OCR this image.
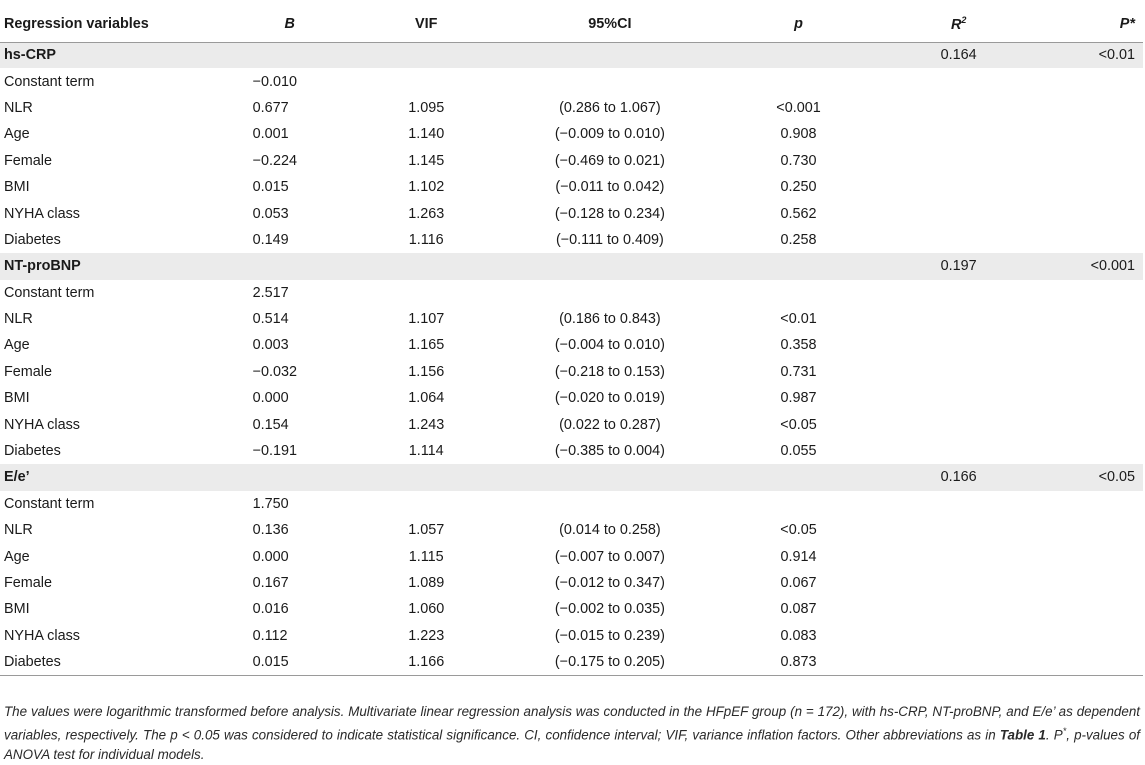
Regression variables	B	VIF	95%CI	p	$R^2$	P*
hs-CRP					0.164	<0.01
Constant term	−0.010					
NLR	0.677	1.095	(0.286 to 1.067)	<0.001		
Age	0.001	1.140	(−0.009 to 0.010)	0.908		
Female	−0.224	1.145	(−0.469 to 0.021)	0.730		
BMI	0.015	1.102	(−0.011 to 0.042)	0.250		
NYHA class	0.053	1.263	(−0.128 to 0.234)	0.562		
Diabetes	0.149	1.116	(−0.111 to 0.409)	0.258		
NT-proBNP					0.197	<0.001
Constant term	2.517					
NLR	0.514	1.107	(0.186 to 0.843)	<0.01		
Age	0.003	1.165	(−0.004 to 0.010)	0.358		
Female	−0.032	1.156	(−0.218 to 0.153)	0.731		
BMI	0.000	1.064	(−0.020 to 0.019)	0.987		
NYHA class	0.154	1.243	(0.022 to 0.287)	<0.05		
Diabetes	−0.191	1.114	(−0.385 to 0.004)	0.055		
E/e’					0.166	<0.05
Constant term	1.750					
NLR	0.136	1.057	(0.014 to 0.258)	<0.05		
Age	0.000	1.115	(−0.007 to 0.007)	0.914		
Female	0.167	1.089	(−0.012 to 0.347)	0.067		
BMI	0.016	1.060	(−0.002 to 0.035)	0.087		
NYHA class	0.112	1.223	(−0.015 to 0.239)	0.083		
Diabetes	0.015	1.166	(−0.175 to 0.205)	0.873		

The values were logarithmic transformed before analysis. Multivariate linear regression analysis was conducted in the HFpEF group (n = 172), with hs-CRP, NT-proBNP, and E/e’ as dependent variables, respectively. The p < 0.05 was considered to indicate statistical significance. CI, confidence interval; VIF, variance inflation factors. Other abbreviations as in Table 1. P*, p-values of ANOVA test for individual models.
